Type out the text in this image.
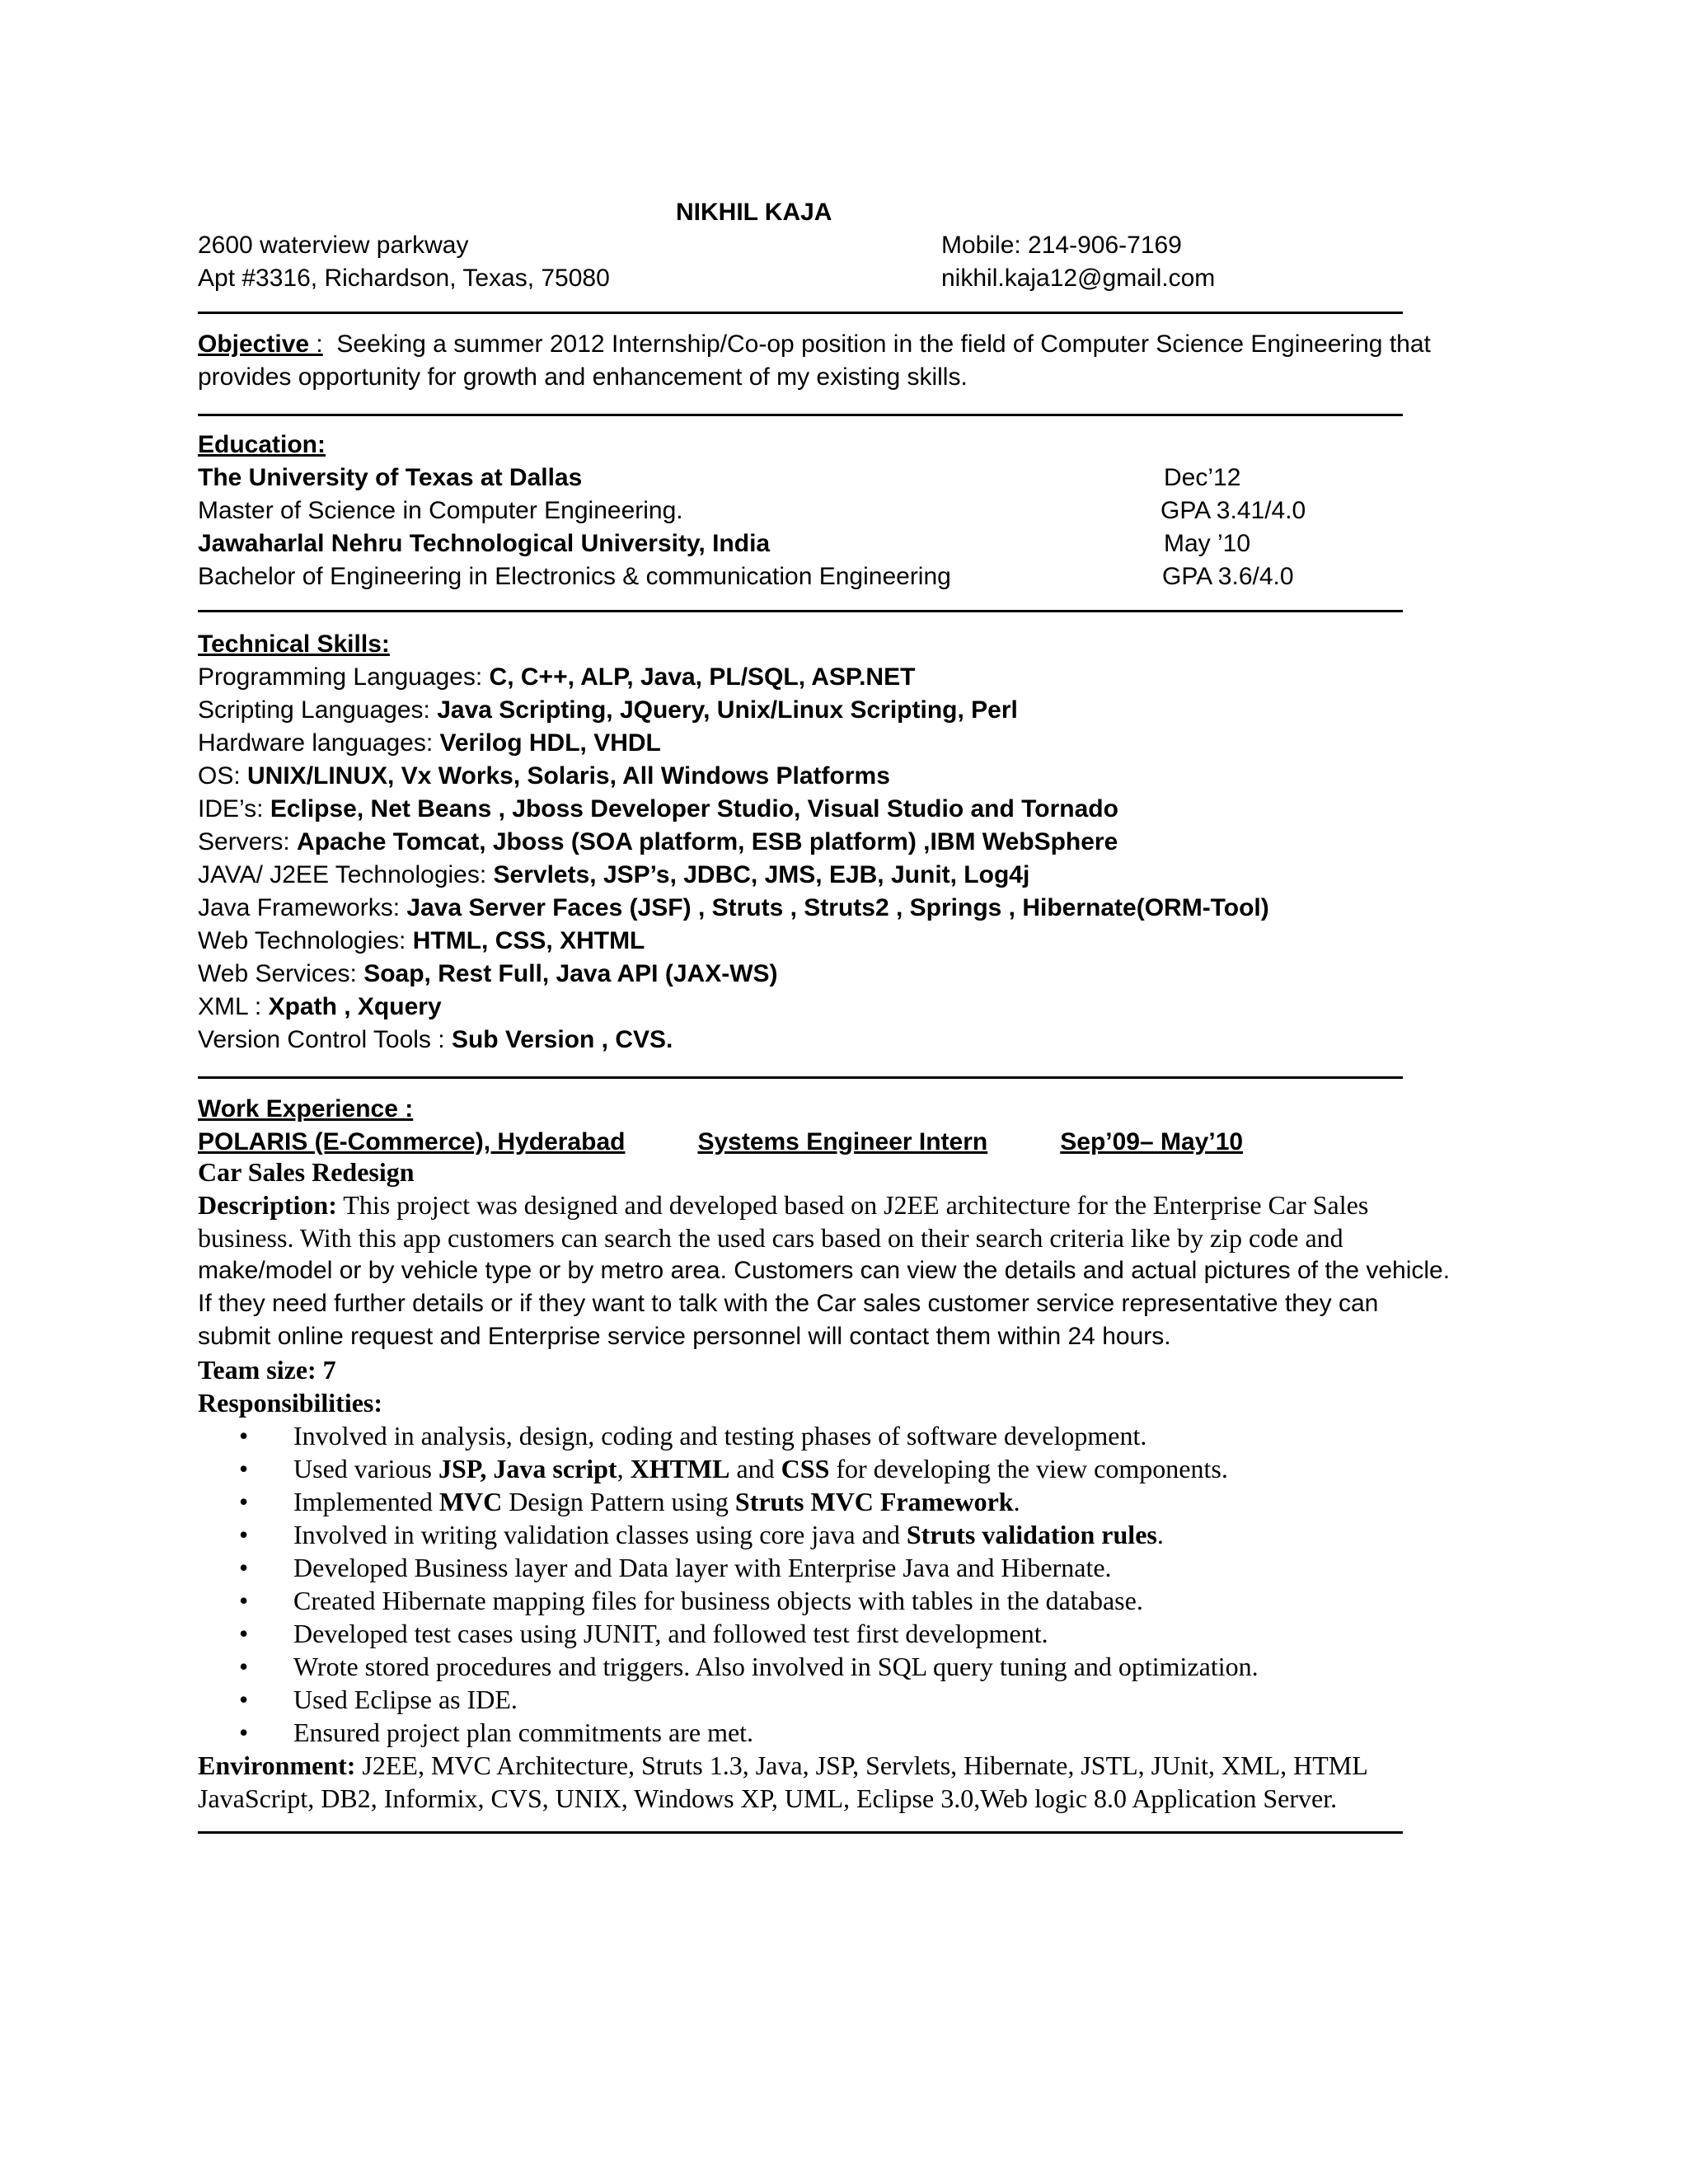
NIKHIL KAJA
2600 waterview parkway
Apt #3316, Richardson, Texas, 75080
Mobile: 214-906-7169
nikhil.kaja12@gmail.com
Objective : Seeking a summer 2012 Internship/Co-op position in the field of Computer Science Engineering that
provides opportunity for growth and enhancement of my existing skills.
Education:
The University of Texas at Dallas	Dec’12
Master of Science in Computer Engineering.	GPA 3.41/4.0
Jawaharlal Nehru Technological University, India	May ’10
Bachelor of Engineering in Electronics & communication Engineering	GPA 3.6/4.0
Technical Skills:
Programming Languages: C, C++, ALP, Java, PL/SQL, ASP.NET
Scripting Languages: Java Scripting, JQuery, Unix/Linux Scripting, Perl
Hardware languages: Verilog HDL, VHDL
OS: UNIX/LINUX, Vx Works, Solaris, All Windows Platforms
IDE’s: Eclipse, Net Beans , Jboss Developer Studio, Visual Studio and Tornado
Servers: Apache Tomcat, Jboss (SOA platform, ESB platform) ,IBM WebSphere
JAVA/ J2EE Technologies: Servlets, JSP’s, JDBC, JMS, EJB, Junit, Log4j
Java Frameworks: Java Server Faces (JSF) , Struts , Struts2 , Springs , Hibernate(ORM-Tool)
Web Technologies: HTML, CSS, XHTML
Web Services: Soap, Rest Full, Java API (JAX-WS)
XML : Xpath , Xquery
Version Control Tools : Sub Version , CVS.
Work Experience :
POLARIS (E-Commerce), Hyderabad	Systems Engineer Intern	Sep’09– May’10
Car Sales Redesign
Description: This project was designed and developed based on J2EE architecture for the Enterprise Car Sales
business. With this app customers can search the used cars based on their search criteria like by zip code and
make/model or by vehicle type or by metro area. Customers can view the details and actual pictures of the vehicle.
If they need further details or if they want to talk with the Car sales customer service representative they can
submit online request and Enterprise service personnel will contact them within 24 hours.
Team size: 7
Responsibilities:
• Involved in analysis, design, coding and testing phases of software development.
• Used various JSP, Java script, XHTML and CSS for developing the view components.
• Implemented MVC Design Pattern using Struts MVC Framework.
• Involved in writing validation classes using core java and Struts validation rules.
• Developed Business layer and Data layer with Enterprise Java and Hibernate.
• Created Hibernate mapping files for business objects with tables in the database.
• Developed test cases using JUNIT, and followed test first development.
• Wrote stored procedures and triggers. Also involved in SQL query tuning and optimization.
• Used Eclipse as IDE.
• Ensured project plan commitments are met.
Environment: J2EE, MVC Architecture, Struts 1.3, Java, JSP, Servlets, Hibernate, JSTL, JUnit, XML, HTML
JavaScript, DB2, Informix, CVS, UNIX, Windows XP, UML, Eclipse 3.0,Web logic 8.0 Application Server.
